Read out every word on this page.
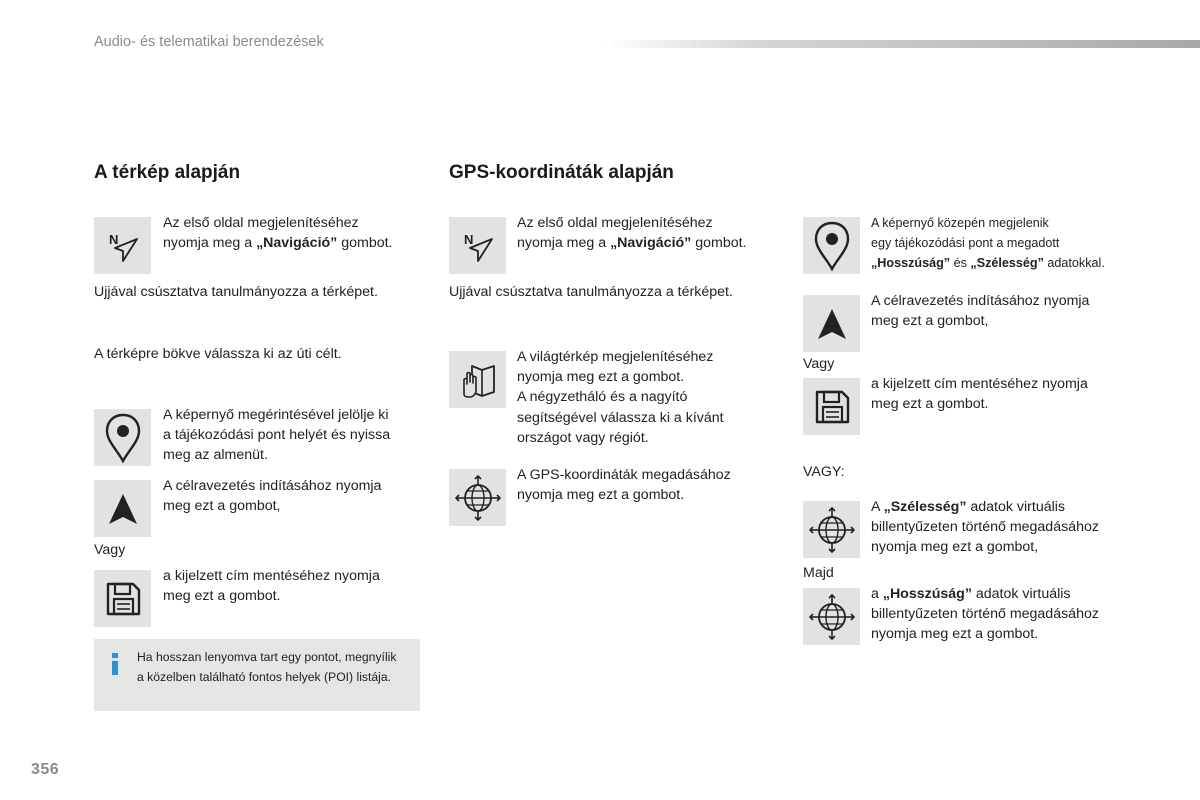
Audio- és telematikai berendezések
A térkép alapján
N
Az első oldal megjelenítéséhez
nyomja meg a „Navigáció” gombot.
Ujjával csúsztatva tanulmányozza a térképet.
A térképre bökve válassza ki az úti célt.
A képernyő megérintésével jelölje ki
a tájékozódási pont helyét és nyissa
meg az almenüt.
A célravezetés indításához nyomja
meg ezt a gombot,
Vagy
a kijelzett cím mentéséhez nyomja
meg ezt a gombot.
Ha hosszan lenyomva tart egy pontot, megnyílik
a közelben található fontos helyek (POI) listája.
GPS-koordináták alapján
N
Az első oldal megjelenítéséhez
nyomja meg a „Navigáció” gombot.
Ujjával csúsztatva tanulmányozza a térképet.
A világtérkép megjelenítéséhez
nyomja meg ezt a gombot.
A négyzetháló és a nagyító
segítségével válassza ki a kívánt
országot vagy régiót.
A GPS-koordináták megadásához
nyomja meg ezt a gombot.
A képernyő közepén megjelenik
egy tájékozódási pont a megadott
„Hosszúság” és „Szélesség” adatokkal.
A célravezetés indításához nyomja
meg ezt a gombot,
Vagy
a kijelzett cím mentéséhez nyomja
meg ezt a gombot.
VAGY:
A „Szélesség” adatok virtuális
billentyűzeten történő megadásához
nyomja meg ezt a gombot,
Majd
a „Hosszúság” adatok virtuális
billentyűzeten történő megadásához
nyomja meg ezt a gombot.
356
